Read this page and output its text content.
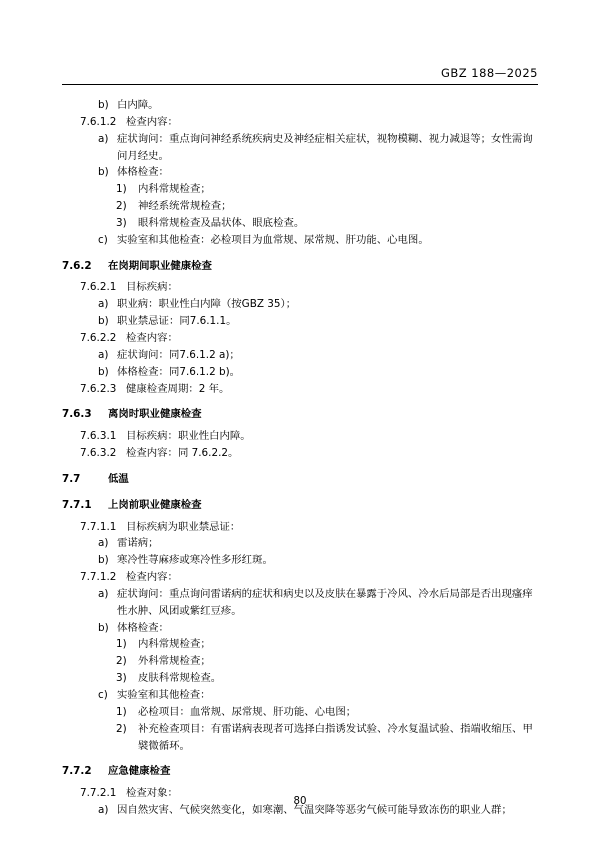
GBZ 188—2025
b) 白内障。
7.6.1.2 检查内容：
a) 症状询问：重点询问神经系统疾病史及神经症相关症状，视物模糊、视力减退等；女性需询问月经史。
b) 体格检查：
1)	内科常规检查；
2)	神经系统常规检查；
3)	眼科常规检查及晶状体、眼底检查。
c) 实验室和其他检查：必检项目为血常规、尿常规、肝功能、心电图。
7.6.2	在岗期间职业健康检查
7.6.2.1 目标疾病：
a) 职业病：职业性白内障（按GBZ 35）；
b) 职业禁忌证：同7.6.1.1。
7.6.2.2 检查内容：
a) 症状询问：同7.6.1.2 a)；
b) 体格检查：同7.6.1.2 b)。
7.6.2.3 健康检查周期：2 年。
7.6.3	离岗时职业健康检查
7.6.3.1 目标疾病：职业性白内障。
7.6.3.2 检查内容：同 7.6.2.2。
7.7	低温
7.7.1	上岗前职业健康检查
7.7.1.1 目标疾病为职业禁忌证：
a) 雷诺病；
b) 寒冷性荨麻疹或寒冷性多形红斑。
7.7.1.2 检查内容：
a) 症状询问：重点询问雷诺病的症状和病史以及皮肤在暴露于冷风、冷水后局部是否出现瘙痒性水肿、风团或紫红豆疹。
b) 体格检查：
1)	内科常规检查；
2)	外科常规检查；
3)	皮肤科常规检查。
c) 实验室和其他检查：
1)	必检项目：血常规、尿常规、肝功能、心电图；
2)	补充检查项目：有雷诺病表现者可选择白指诱发试验、冷水复温试验、指端收缩压、甲襞微循环。
7.7.2	应急健康检查
7.7.2.1 检查对象：
a) 因自然灾害、气候突然变化，如寒潮、气温突降等恶劣气候可能导致冻伤的职业人群；
80
